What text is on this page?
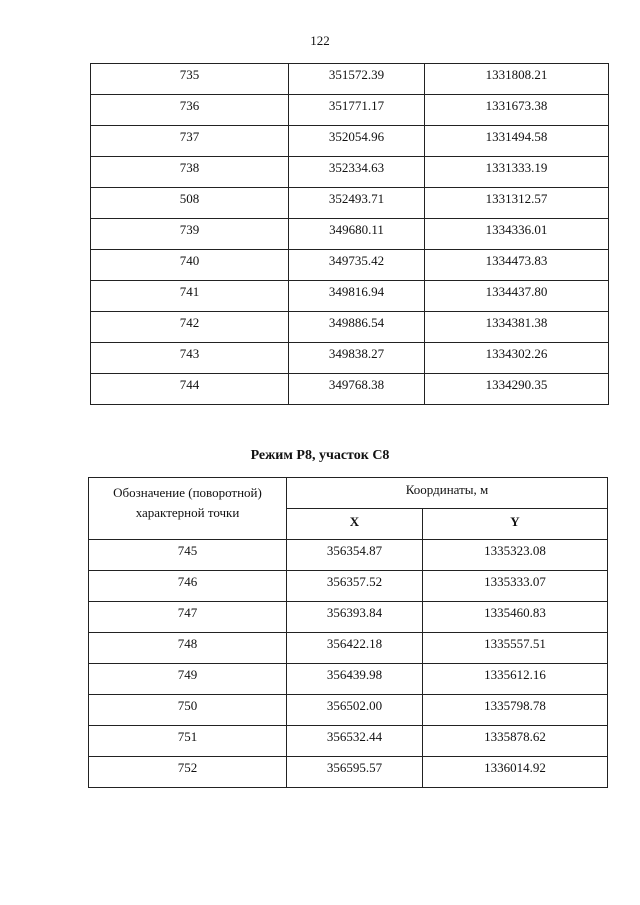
122
735	351572.39	1331808.21
736	351771.17	1331673.38
737	352054.96	1331494.58
738	352334.63	1331333.19
508	352493.71	1331312.57
739	349680.11	1334336.01
740	349735.42	1334473.83
741	349816.94	1334437.80
742	349886.54	1334381.38
743	349838.27	1334302.26
744	349768.38	1334290.35
Режим Р8, участок С8
Обозначение (поворотной) характерной точки	Координаты, м	
	X	Y
745	356354.87	1335323.08
746	356357.52	1335333.07
747	356393.84	1335460.83
748	356422.18	1335557.51
749	356439.98	1335612.16
750	356502.00	1335798.78
751	356532.44	1335878.62
752	356595.57	1336014.92
